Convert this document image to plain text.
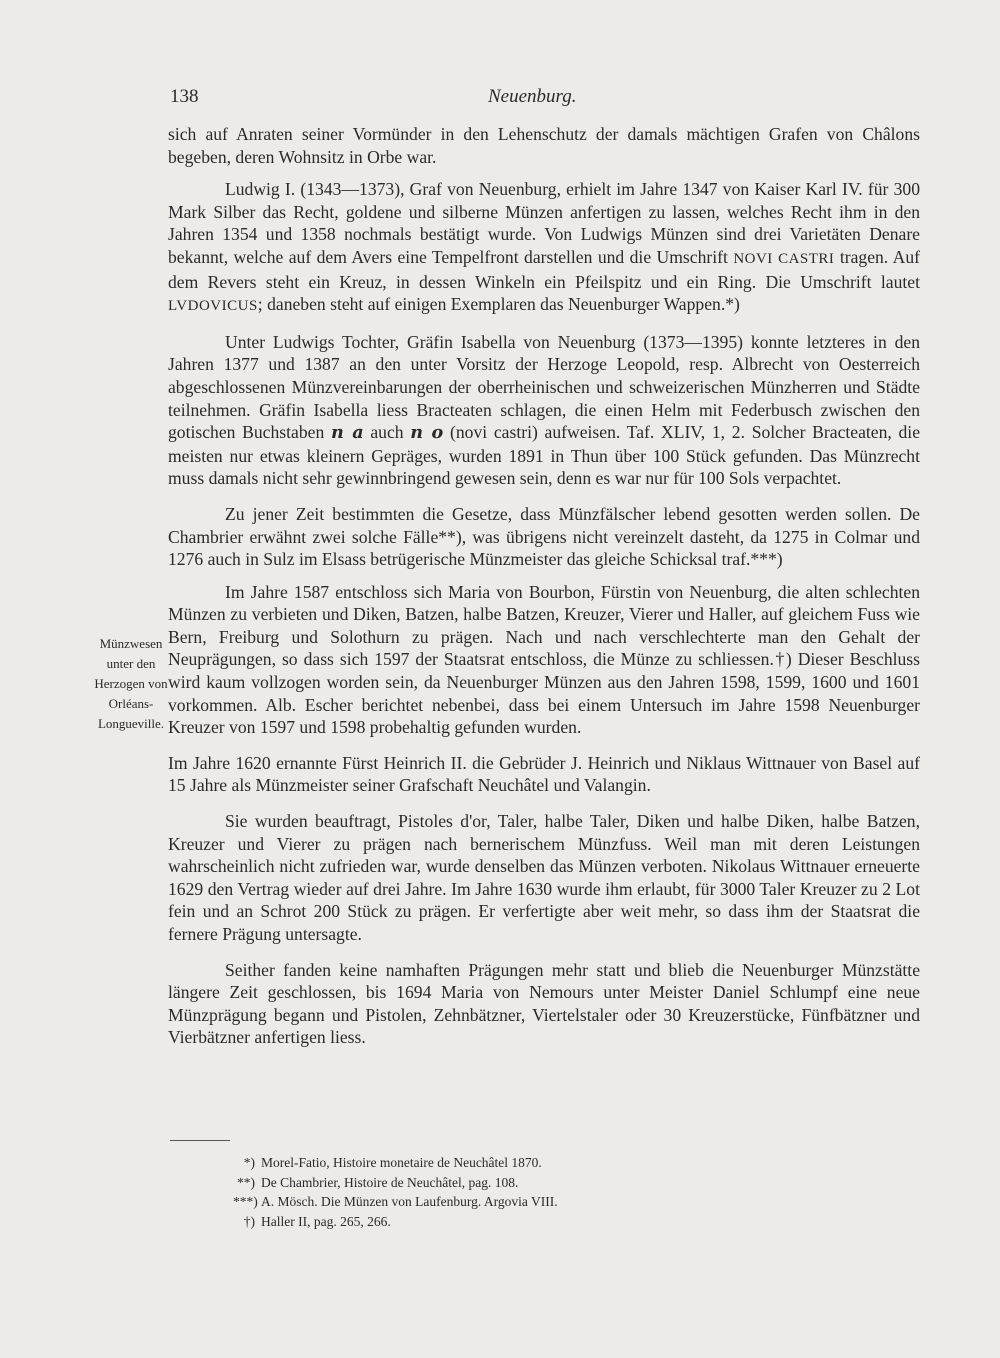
138	Neuenburg.

sich auf Anraten seiner Vormünder in den Lehenschutz der damals mächtigen Grafen von Châlons begeben, deren Wohnsitz in Orbe war.

Ludwig I. (1343—1373), Graf von Neuenburg, erhielt im Jahre 1347 von Kaiser Karl IV. für 300 Mark Silber das Recht, goldene und silberne Münzen anfertigen zu lassen, welches Recht ihm in den Jahren 1354 und 1358 nochmals bestätigt wurde. Von Ludwigs Münzen sind drei Varietäten Denare bekannt, welche auf dem Avers eine Tempelfront darstellen und die Umschrift NOVI CASTRI tragen. Auf dem Revers steht ein Kreuz, in dessen Winkeln ein Pfeilspitz und ein Ring. Die Umschrift lautet LVDOVICUS; daneben steht auf einigen Exemplaren das Neuenburger Wappen.*)

Unter Ludwigs Tochter, Gräfin Isabella von Neuenburg (1373—1395) konnte letzteres in den Jahren 1377 und 1387 an den unter Vorsitz der Herzoge Leopold, resp. Albrecht von Oesterreich abgeschlossenen Münzvereinbarungen der oberrheinischen und schweizerischen Münzherren und Städte teilnehmen. Gräfin Isabella liess Bracteaten schlagen, die einen Helm mit Federbusch zwischen den gotischen Buchstaben n a auch n o (novi castri) aufweisen. Taf. XLIV, 1, 2. Solcher Bracteaten, die meisten nur etwas kleinern Gepräges, wurden 1891 in Thun über 100 Stück gefunden. Das Münzrecht muss damals nicht sehr gewinnbringend gewesen sein, denn es war nur für 100 Sols verpachtet.

Zu jener Zeit bestimmten die Gesetze, dass Münzfälscher lebend gesotten werden sollen. De Chambrier erwähnt zwei solche Fälle**), was übrigens nicht vereinzelt dasteht, da 1275 in Colmar und 1276 auch in Sulz im Elsass betrügerische Münzmeister das gleiche Schicksal traf.***)

Im Jahre 1587 entschloss sich Maria von Bourbon, Fürstin von Neuenburg, die alten schlechten Münzen zu verbieten und Diken, Batzen, halbe Batzen, Kreuzer, Vierer und Haller, auf gleichem Fuss wie Bern, Freiburg und Solothurn zu prägen. Nach und nach verschlechterte man den Gehalt der Neuprägungen, so dass sich 1597 der Staatsrat entschloss, die Münze zu schliessen.†) Dieser Beschluss wird kaum vollzogen worden sein, da Neuenburger Münzen aus den Jahren 1598, 1599, 1600 und 1601 vorkommen. Alb. Escher berichtet nebenbei, dass bei einem Untersuch im Jahre 1598 Neuenburger Kreuzer von 1597 und 1598 probehaltig gefunden wurden.

Im Jahre 1620 ernannte Fürst Heinrich II. die Gebrüder J. Heinrich und Niklaus Wittnauer von Basel auf 15 Jahre als Münzmeister seiner Grafschaft Neuchâtel und Valangin.

Sie wurden beauftragt, Pistoles d'or, Taler, halbe Taler, Diken und halbe Diken, halbe Batzen, Kreuzer und Vierer zu prägen nach bernerischem Münzfuss. Weil man mit deren Leistungen wahrscheinlich nicht zufrieden war, wurde denselben das Münzen verboten. Nikolaus Wittnauer erneuerte 1629 den Vertrag wieder auf drei Jahre. Im Jahre 1630 wurde ihm erlaubt, für 3000 Taler Kreuzer zu 2 Lot fein und an Schrot 200 Stück zu prägen. Er verfertigte aber weit mehr, so dass ihm der Staatsrat die fernere Prägung untersagte.

Seither fanden keine namhaften Prägungen mehr statt und blieb die Neuenburger Münzstätte längere Zeit geschlossen, bis 1694 Maria von Nemours unter Meister Daniel Schlumpf eine neue Münzprägung begann und Pistolen, Zehnbätzner, Viertelstaler oder 30 Kreuzerstücke, Fünfbätzner und Vierbätzner anfertigen liess.

Münzwesen
unter den
Herzogen von
Orléans-
Longueville.
*) Morel-Fatio, Histoire monetaire de Neuchâtel 1870.
**) De Chambrier, Histoire de Neuchâtel, pag. 108.
***) A. Mösch. Die Münzen von Laufenburg. Argovia VIII.
†) Haller II, pag. 265, 266.
